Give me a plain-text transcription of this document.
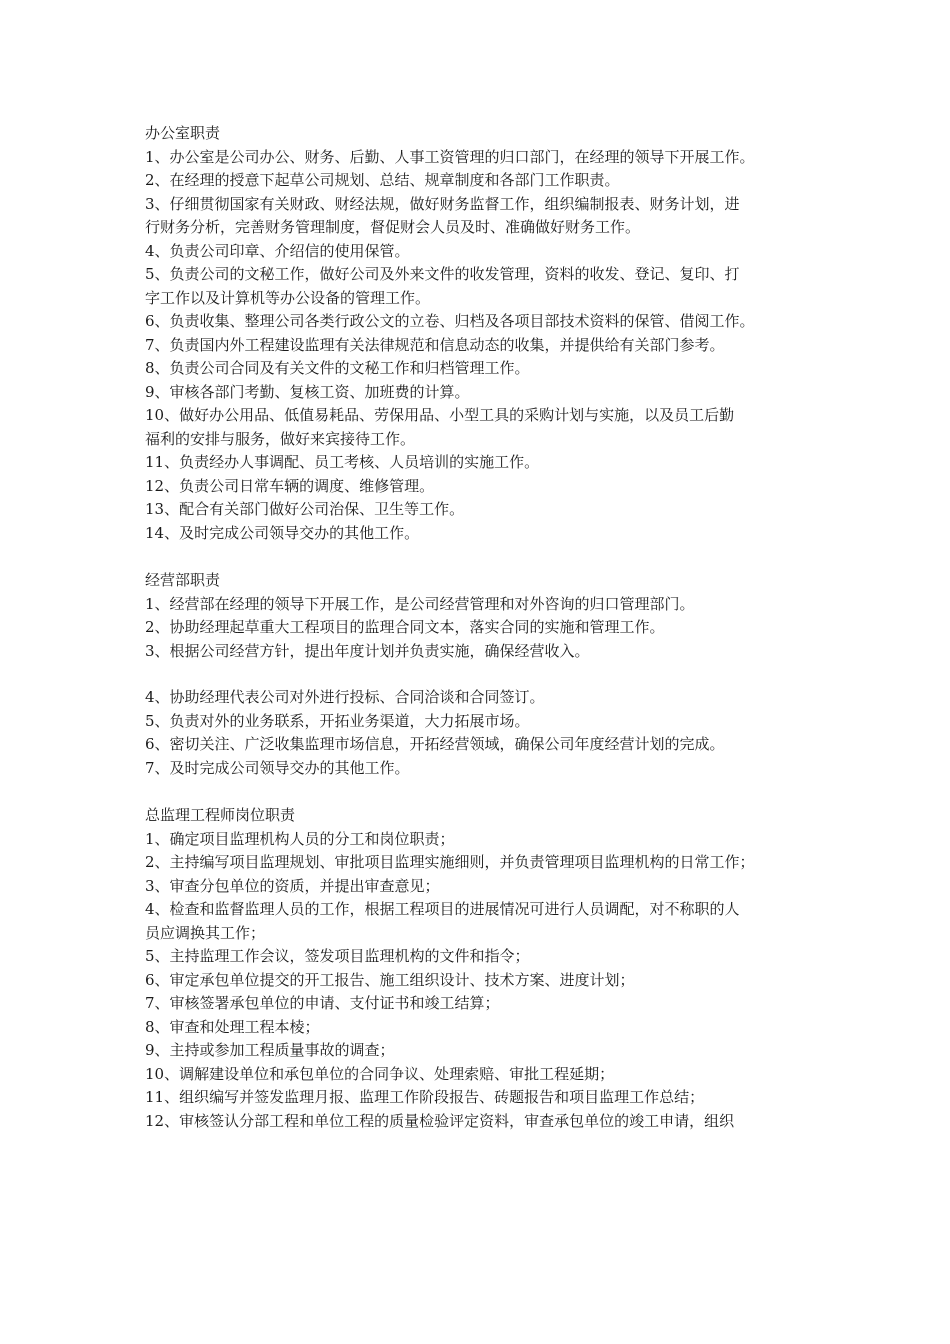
办公室职责
1、办公室是公司办公、财务、后勤、人事工资管理的归口部门，在经理的领导下开展工作。
2、在经理的授意下起草公司规划、总结、规章制度和各部门工作职责。
3、仔细贯彻国家有关财政、财经法规，做好财务监督工作，组织编制报表、财务计划，进
行财务分析，完善财务管理制度，督促财会人员及时、准确做好财务工作。
4、负责公司印章、介绍信的使用保管。
5、负责公司的文秘工作，做好公司及外来文件的收发管理，资料的收发、登记、复印、打
字工作以及计算机等办公设备的管理工作。
6、负责收集、整理公司各类行政公文的立卷、归档及各项目部技术资料的保管、借阅工作。
7、负责国内外工程建设监理有关法律规范和信息动态的收集，并提供给有关部门参考。
8、负责公司合同及有关文件的文秘工作和归档管理工作。
9、审核各部门考勤、复核工资、加班费的计算。
10、做好办公用品、低值易耗品、劳保用品、小型工具的采购计划与实施，以及员工后勤
福利的安排与服务，做好来宾接待工作。
11、负责经办人事调配、员工考核、人员培训的实施工作。
12、负责公司日常车辆的调度、维修管理。
13、配合有关部门做好公司治保、卫生等工作。
14、及时完成公司领导交办的其他工作。
经营部职责
1、经营部在经理的领导下开展工作，是公司经营管理和对外咨询的归口管理部门。
2、协助经理起草重大工程项目的监理合同文本，落实合同的实施和管理工作。
3、根据公司经营方针，提出年度计划并负责实施，确保经营收入。
4、协助经理代表公司对外进行投标、合同洽谈和合同签订。
5、负责对外的业务联系，开拓业务渠道，大力拓展市场。
6、密切关注、广泛收集监理市场信息，开拓经营领域，确保公司年度经营计划的完成。
7、及时完成公司领导交办的其他工作。
总监理工程师岗位职责
1、确定项目监理机构人员的分工和岗位职责；
2、主持编写项目监理规划、审批项目监理实施细则，并负责管理项目监理机构的日常工作；
3、审查分包单位的资质，并提出审查意见；
4、检查和监督监理人员的工作，根据工程项目的进展情况可进行人员调配，对不称职的人
员应调换其工作；
5、主持监理工作会议，签发项目监理机构的文件和指令；
6、审定承包单位提交的开工报告、施工组织设计、技术方案、进度计划；
7、审核签署承包单位的申请、支付证书和竣工结算；
8、审查和处理工程本棱；
9、主持或参加工程质量事故的调查；
10、调解建设单位和承包单位的合同争议、处理索赔、审批工程延期；
11、组织编写并签发监理月报、监理工作阶段报告、砖题报告和项目监理工作总结；
12、审核签认分部工程和单位工程的质量检验评定资料，审查承包单位的竣工申请，组织
